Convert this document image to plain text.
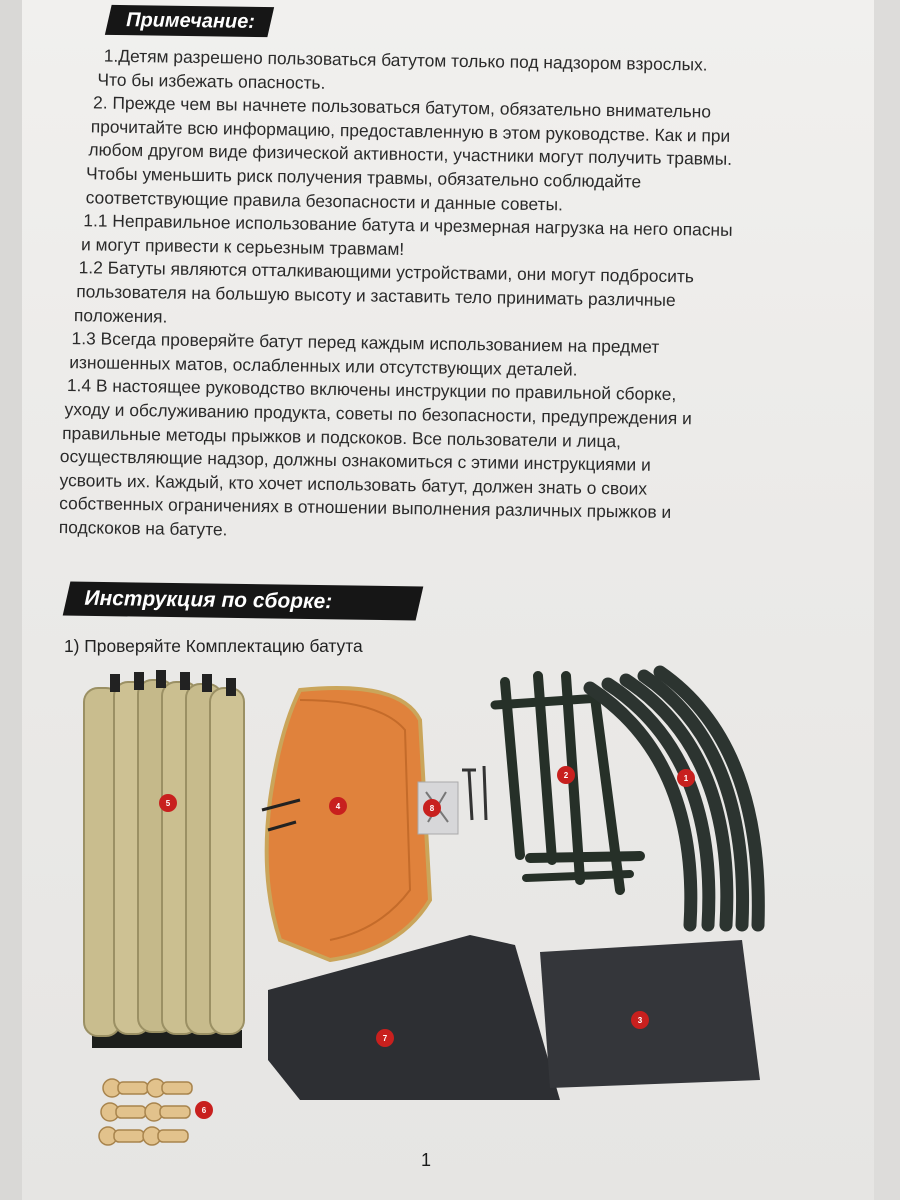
Примечание:

1.Детям разрешено пользоваться батутом только под надзором взрослых.

Что бы избежать опасность.

2. Прежде чем вы начнете пользоваться батутом, обязательно внимательно

прочитайте всю информацию, предоставленную в этом руководстве. Как и при

любом другом виде физической активности, участники могут получить травмы.

Чтобы уменьшить риск получения травмы, обязательно соблюдайте

соответствующие правила безопасности и данные советы.

1.1 Неправильное использование батута и чрезмерная нагрузка на него опасны

и могут привести к серьезным травмам!

1.2 Батуты являются отталкивающими устройствами, они могут подбросить

пользователя на большую высоту и заставить тело принимать различные

положения.

1.3 Всегда проверяйте батут перед каждым использованием на предмет

изношенных матов, ослабленных или отсутствующих деталей.

1.4 В настоящее руководство включены инструкции по правильной сборке,

уходу и обслуживанию продукта, советы по безопасности, предупреждения и

правильные методы прыжков и подскоков. Все пользователи и лица,

осуществляющие надзор, должны ознакомиться с этими инструкциями и

усвоить их. Каждый, кто хочет использовать батут, должен знать о своих

собственных ограничениях в отношении выполнения различных прыжков и

подскоков на батуте.

Инструкция по сборке:
1) Проверяйте Комплектацию батута
1
2
3
4
5
6
7
8
1
